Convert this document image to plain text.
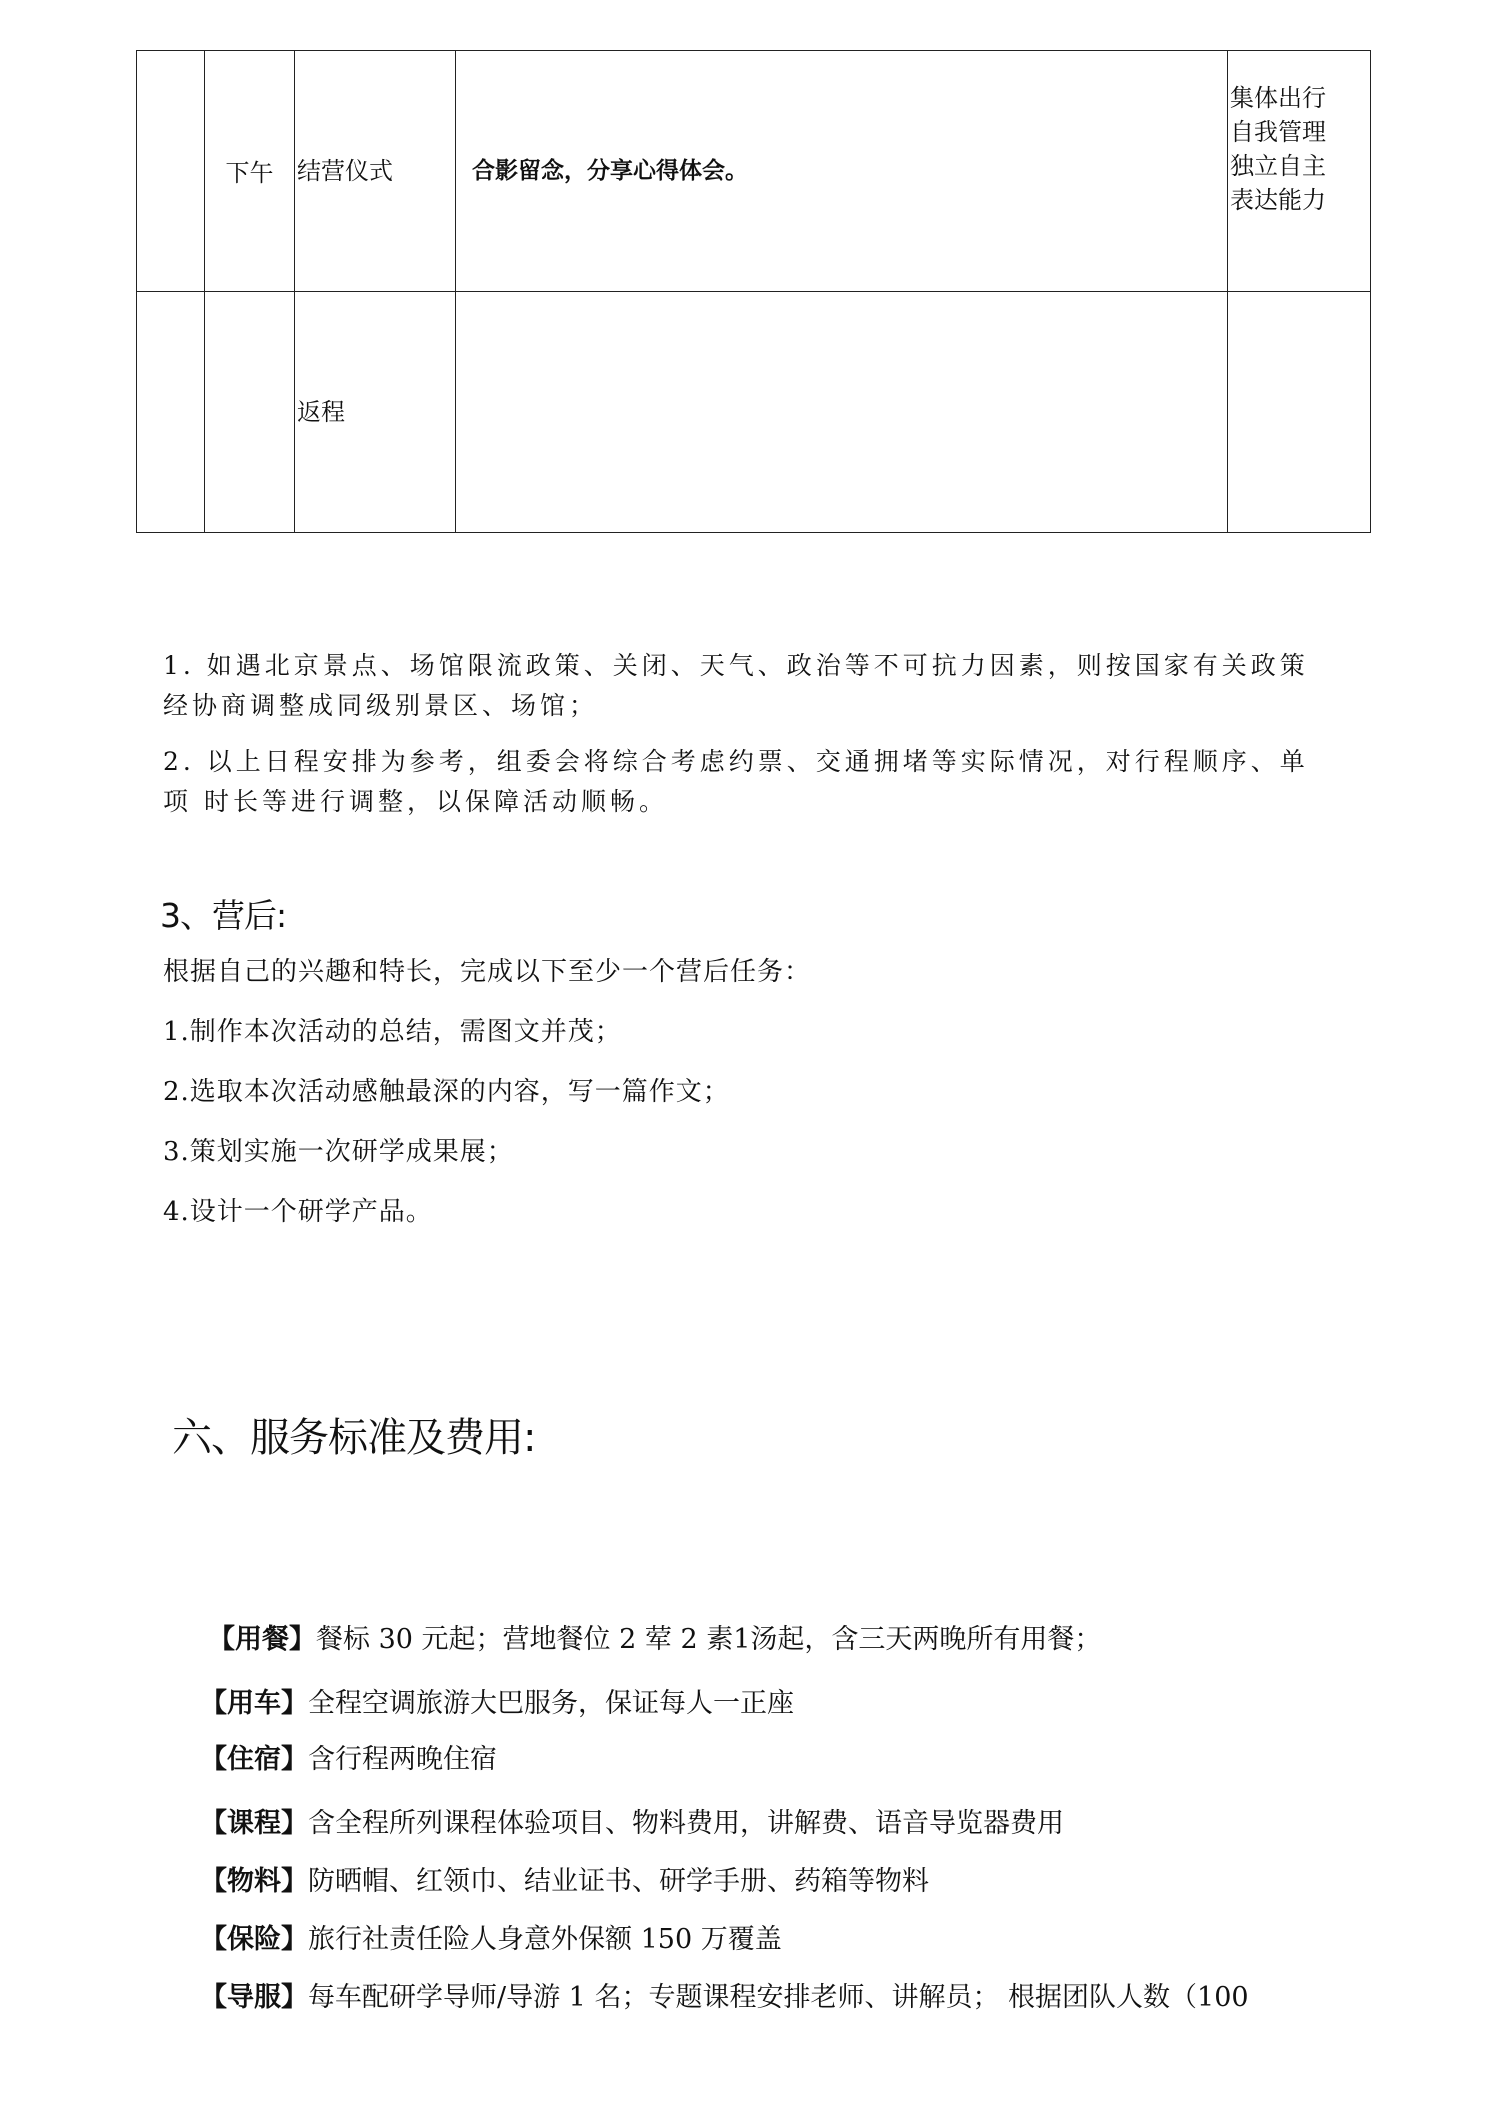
	下午	结营仪式	合影留念，分享心得体会。	集体出行
自我管理
独立自主
表达能力

		返程		

1. 如遇北京景点、场馆限流政策、关闭、天气、政治等不可抗力因素，则按国家有关政策 经协商调整成同级别景区、场馆；

2. 以上日程安排为参考，组委会将综合考虑约票、交通拥堵等实际情况，对行程顺序、单项 时长等进行调整，以保障活动顺畅。

3、营后:

根据自己的兴趣和特长，完成以下至少一个营后任务：

1.制作本次活动的总结，需图文并茂；

2.选取本次活动感触最深的内容，写一篇作文；

3.策划实施一次研学成果展；

4.设计一个研学产品。

六、服务标准及费用:

【用餐】餐标 30 元起；营地餐位 2 荤 2 素1汤起，含三天两晚所有用餐；

【用车】全程空调旅游大巴服务，保证每人一正座

【住宿】含行程两晚住宿

【课程】含全程所列课程体验项目、物料费用，讲解费、语音导览器费用

【物料】防晒帽、红领巾、结业证书、研学手册、药箱等物料

【保险】旅行社责任险人身意外保额 150 万覆盖

【导服】每车配研学导师/导游 1 名；专题课程安排老师、讲解员； 根据团队人数（100
